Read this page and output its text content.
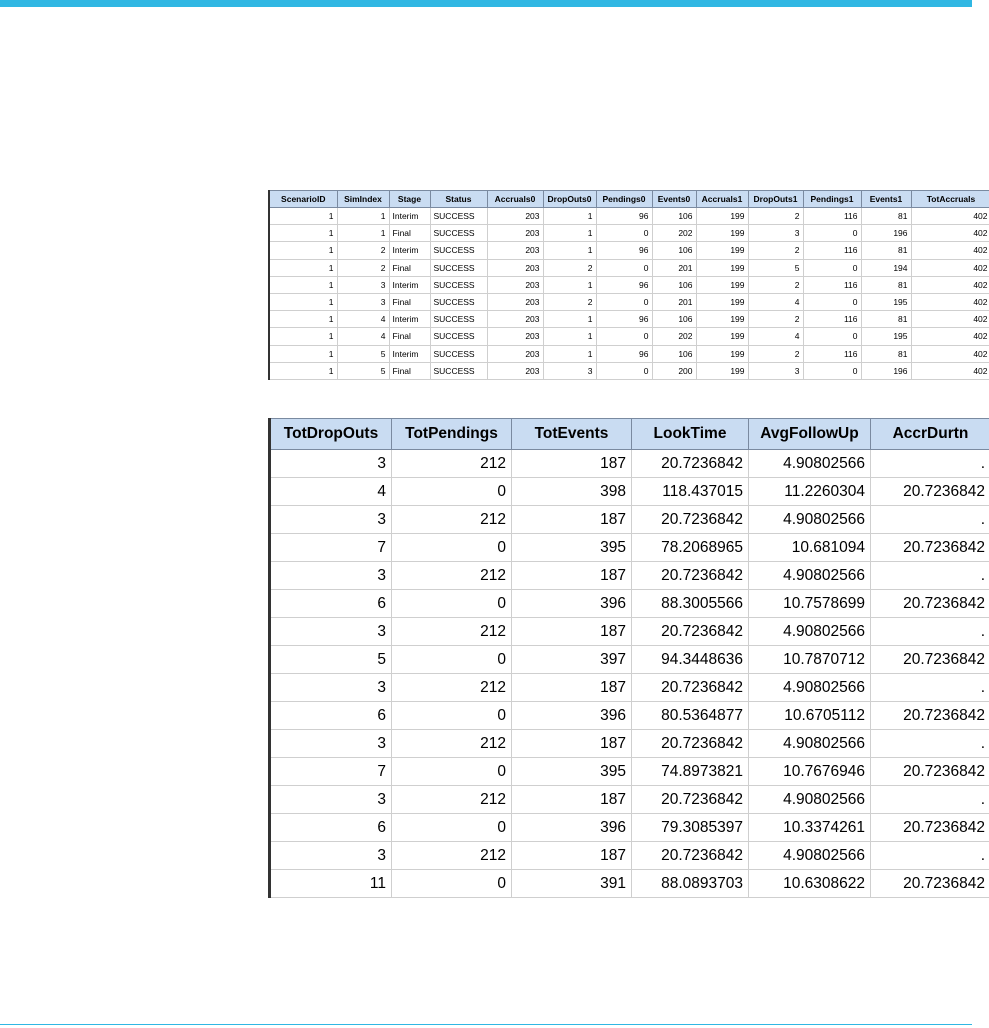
ScenarioID	SimIndex	Stage	Status	Accruals0	DropOuts0	Pendings0	Events0	Accruals1	DropOuts1	Pendings1	Events1	TotAccruals
1	1	Interim	SUCCESS	203	1	96	106	199	2	116	81	402
1	1	Final	SUCCESS	203	1	0	202	199	3	0	196	402
1	2	Interim	SUCCESS	203	1	96	106	199	2	116	81	402
1	2	Final	SUCCESS	203	2	0	201	199	5	0	194	402
1	3	Interim	SUCCESS	203	1	96	106	199	2	116	81	402
1	3	Final	SUCCESS	203	2	0	201	199	4	0	195	402
1	4	Interim	SUCCESS	203	1	96	106	199	2	116	81	402
1	4	Final	SUCCESS	203	1	0	202	199	4	0	195	402
1	5	Interim	SUCCESS	203	1	96	106	199	2	116	81	402
1	5	Final	SUCCESS	203	3	0	200	199	3	0	196	402
TotDropOuts	TotPendings	TotEvents	LookTime	AvgFollowUp	AccrDurtn
3	212	187	20.7236842	4.90802566	.
4	0	398	118.437015	11.2260304	20.7236842
3	212	187	20.7236842	4.90802566	.
7	0	395	78.2068965	10.681094	20.7236842
3	212	187	20.7236842	4.90802566	.
6	0	396	88.3005566	10.7578699	20.7236842
3	212	187	20.7236842	4.90802566	.
5	0	397	94.3448636	10.7870712	20.7236842
3	212	187	20.7236842	4.90802566	.
6	0	396	80.5364877	10.6705112	20.7236842
3	212	187	20.7236842	4.90802566	.
7	0	395	74.8973821	10.7676946	20.7236842
3	212	187	20.7236842	4.90802566	.
6	0	396	79.3085397	10.3374261	20.7236842
3	212	187	20.7236842	4.90802566	.
11	0	391	88.0893703	10.6308622	20.7236842
